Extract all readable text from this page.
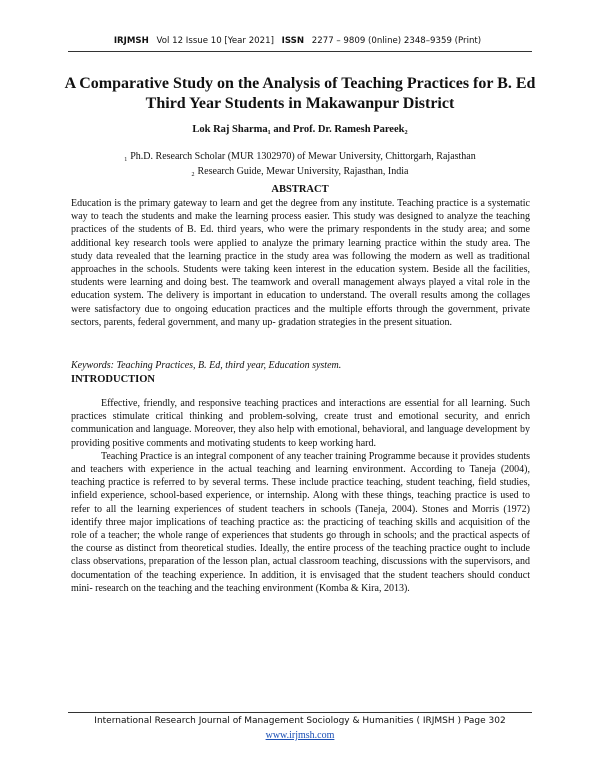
IRJMSH Vol 12 Issue 10 [Year 2021] ISSN 2277 – 9809 (0nline) 2348–9359 (Print)
A Comparative Study on the Analysis of Teaching Practices for B. Ed Third Year Students in Makawanpur District
Lok Raj Sharma₁ and Prof. Dr. Ramesh Pareek₂
$_1$ Ph.D. Research Scholar (MUR 1302970) of Mewar University, Chittorgarh, Rajasthan
$_2$ Research Guide, Mewar University, Rajasthan, India
ABSTRACT
Education is the primary gateway to learn and get the degree from any institute. Teaching practice is a systematic way to teach the students and make the learning process easier. This study was designed to analyze the teaching practices of the students of B. Ed. third years, who were the primary respondents in the study area; and some additional key research tools were applied to analyze the primary learning practice within the study area. The study data revealed that the learning practice in the study area was following the modern as well as traditional approaches in the schools. Students were taking keen interest in the education system. Beside all the facilities, students were learning and doing best. The teamwork and overall management always played a vital role in the education system. The delivery is important in education to understand. The overall results among the collages were satisfactory due to ongoing education practices and the multiple efforts through the government, private sectors, parents, federal government, and many up- gradation strategies in the present situation.
Keywords: Teaching Practices, B. Ed, third year, Education system.
INTRODUCTION

Effective, friendly, and responsive teaching practices and interactions are essential for all learning. Such practices stimulate critical thinking and problem-solving, create trust and emotional security, and enrich communication and language. Moreover, they also help with emotional, behavioral, and language development by providing positive comments and motivating students to keep working hard.

Teaching Practice is an integral component of any teacher training Programme because it provides students and teachers with experience in the actual teaching and learning environment. According to Taneja (2004), teaching practice is referred to by several terms. These include practice teaching, student teaching, field studies, infield experience, school-based experience, or internship. Along with these things, teaching practice is used to refer to all the learning experiences of student teachers in schools (Taneja, 2004). Stones and Morris (1972) identify three major implications of teaching practice as: the practicing of teaching skills and acquisition of the role of a teacher; the whole range of experiences that students go through in schools; and the practical aspects of the course as distinct from theoretical studies. Ideally, the entire process of the teaching practice ought to include class observations, preparation of the lesson plan, actual classroom teaching, discussions with the supervisors, and documentation of the teaching experience. In addition, it is envisaged that the student teachers should conduct mini- research on the teaching and the teaching environment (Komba & Kira, 2013).

International Research Journal of Management Sociology & Humanities ( IRJMSH ) Page 302
www.irjmsh.com
